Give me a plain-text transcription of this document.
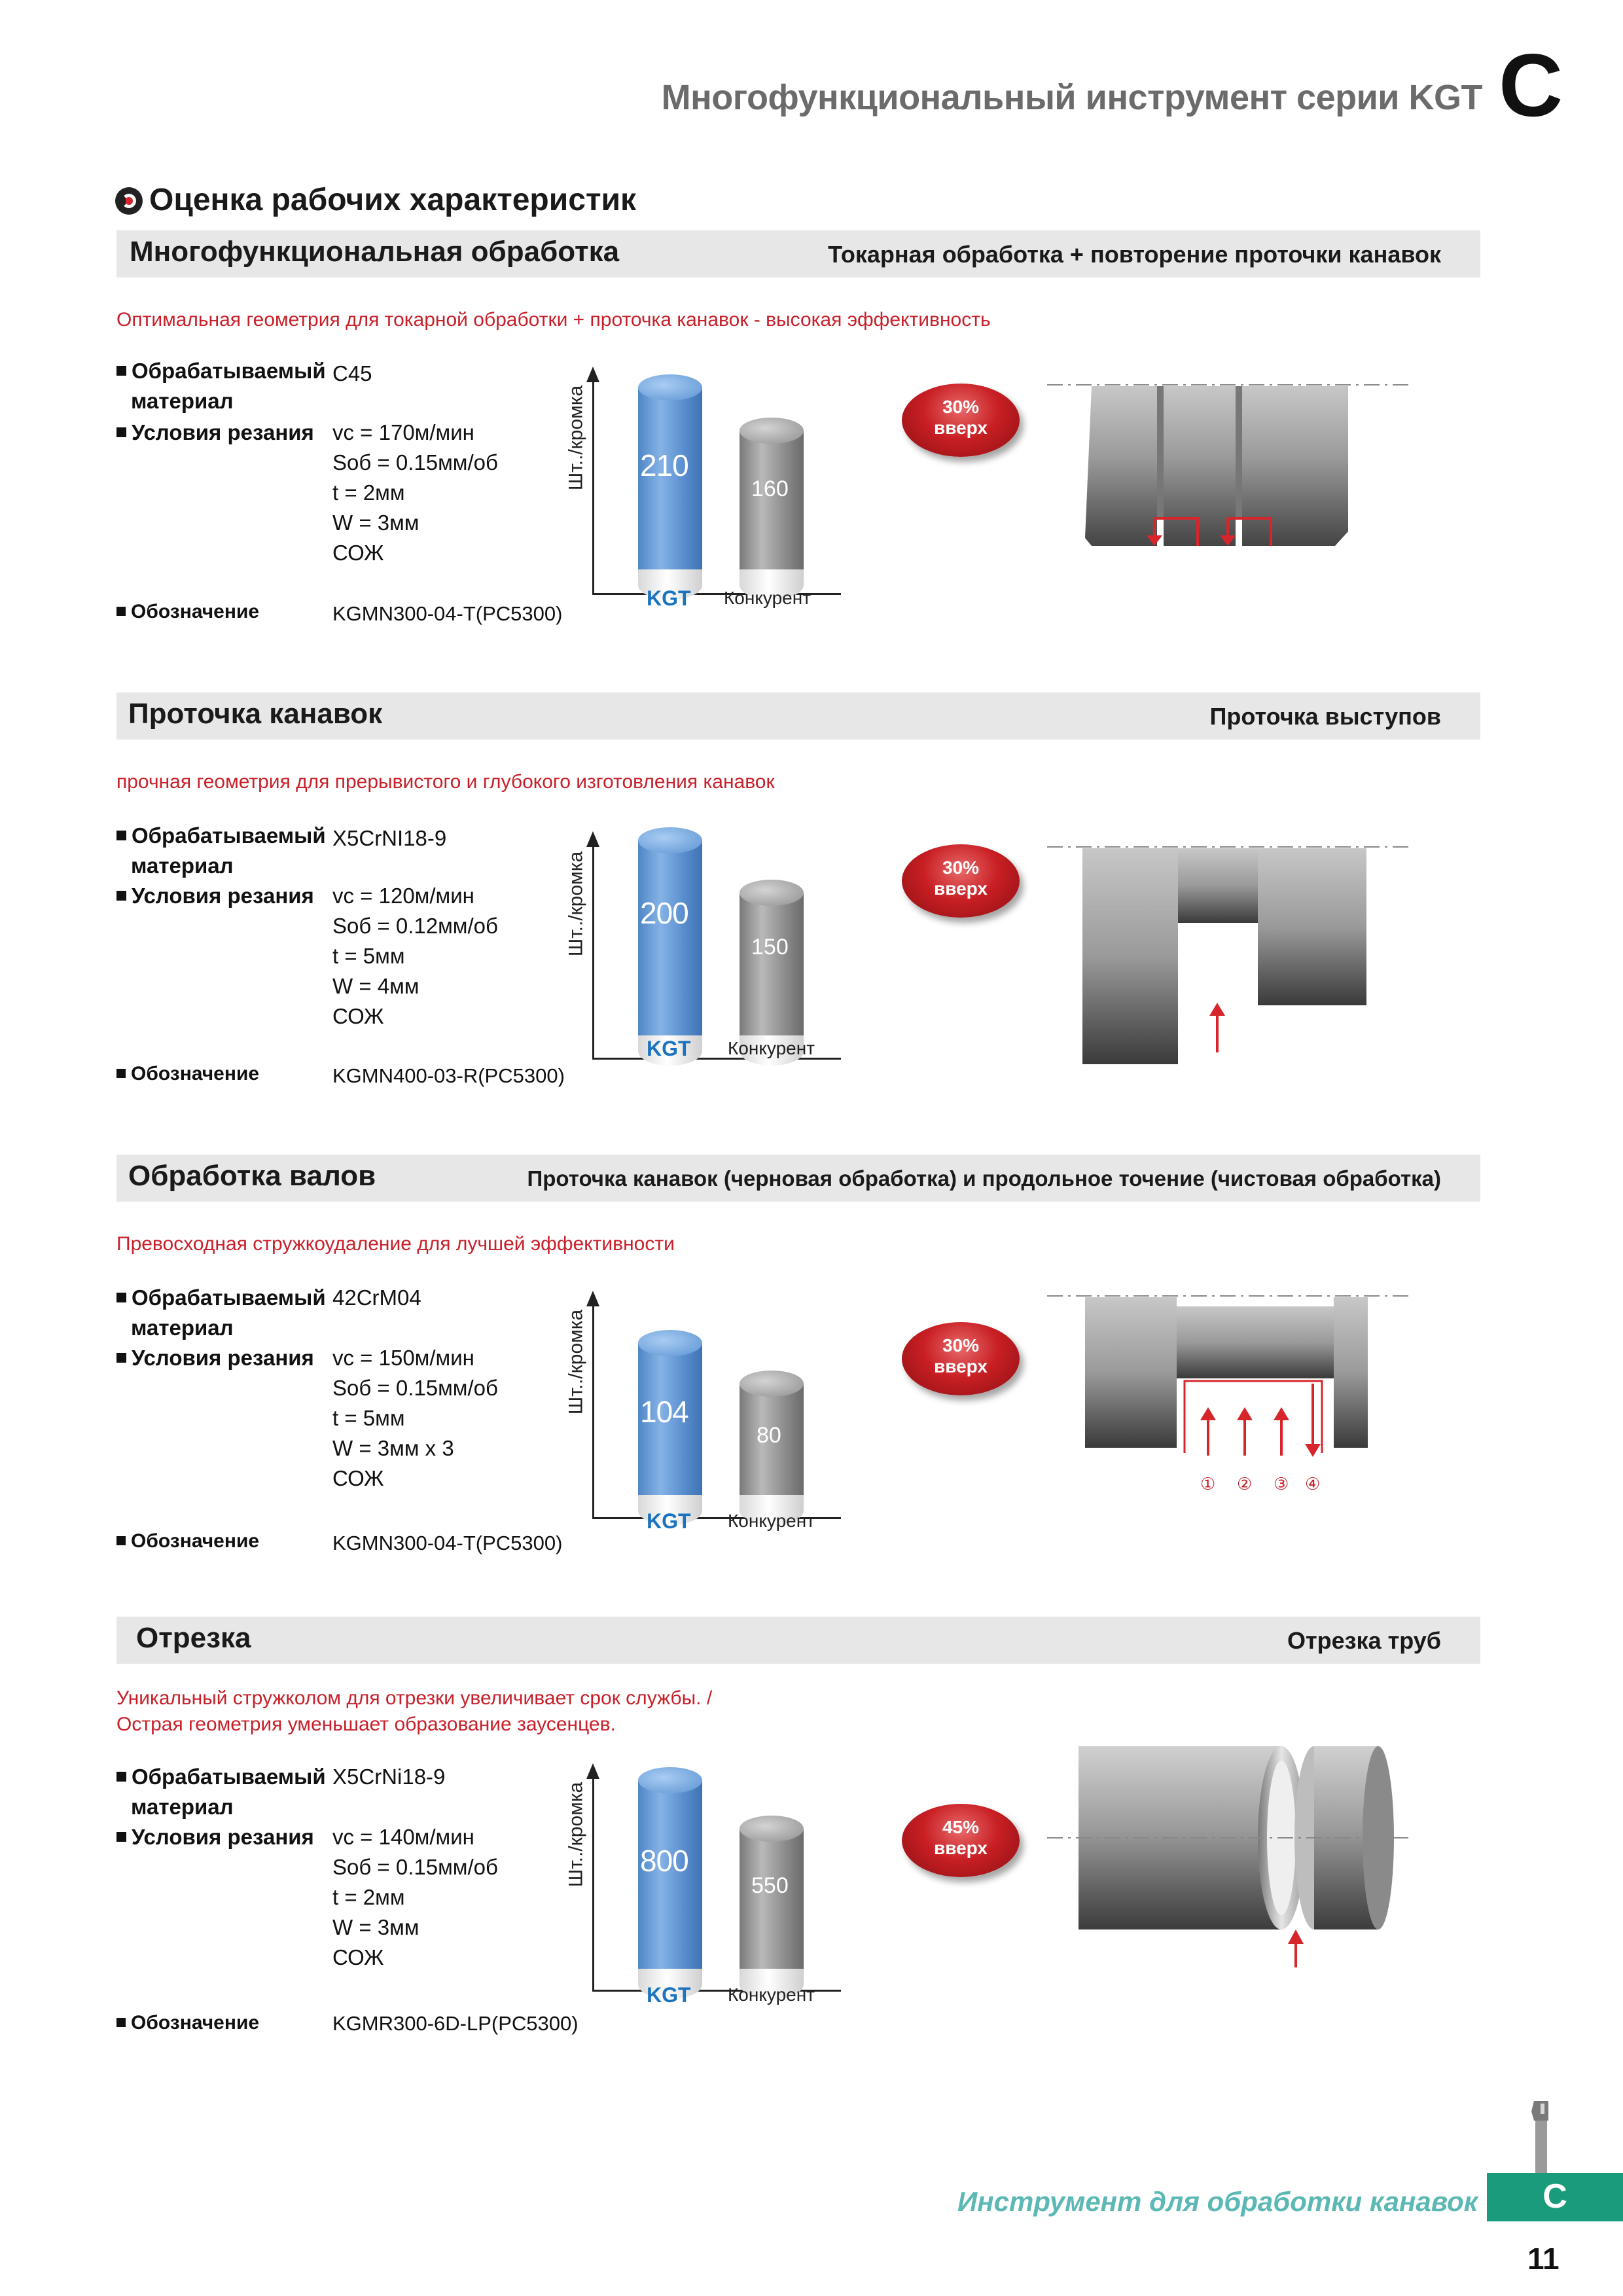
Многофункциональный инструмент серии KGT C
Оценка рабочих характеристик
Многофункциональная обработка	Токарная обработка + повторение проточки канавок
Оптимальная геометрия для токарной обработки + проточка канавок - высокая эффективность
Обрабатываемый
материал
C45
Условия резания vc = 170м/мин
Sоб = 0.15мм/об
t = 2мм
W = 3мм
СОЖ
Обозначение	KGMN300-04-T(PC5300)
Шт../кромка 210
160
KGT Конкурент
30%
вверх
Проточка канавок	Проточка выступов
прочная геометрия для прерывистого и глубокого изготовления канавок
Обрабатываемый
материал
X5CrNI18-9
Условия резания vc = 120м/мин
Sоб = 0.12мм/об
t = 5мм
W = 4мм
СОЖ
Обозначение	KGMN400-03-R(PC5300)
Шт../кромка 200
150
KGT Конкурент
30%
вверх
Обработка валов	Проточка канавок (черновая обработка) и продольное точение (чистовая обработка)
Превосходная стружкоудаление для лучшей эффективности
Обрабатываемый
материал
42CrM04
Условия резания vc = 150м/мин
Sоб = 0.15мм/об
t = 5мм
W = 3мм x 3
СОЖ
Обозначение	KGMN300-04-T(PC5300)
Шт../кромка 104
80
KGT Конкурент
30%
вверх
① ② ③ ④
Отрезка	Отрезка труб
Уникальный стружколом для отрезки увеличивает срок службы. /
Острая геометрия уменьшает образование заусенцев.
Обрабатываемый
материал
X5CrNi18-9
Условия резания vc = 140м/мин
Sоб = 0.15мм/об
t = 2мм
W = 3мм
СОЖ
Обозначение	KGMR300-6D-LP(PC5300)
Шт../кромка 800
550
KGT Конкурент
45%
вверх
Инструмент для обработки канавок	C
11
